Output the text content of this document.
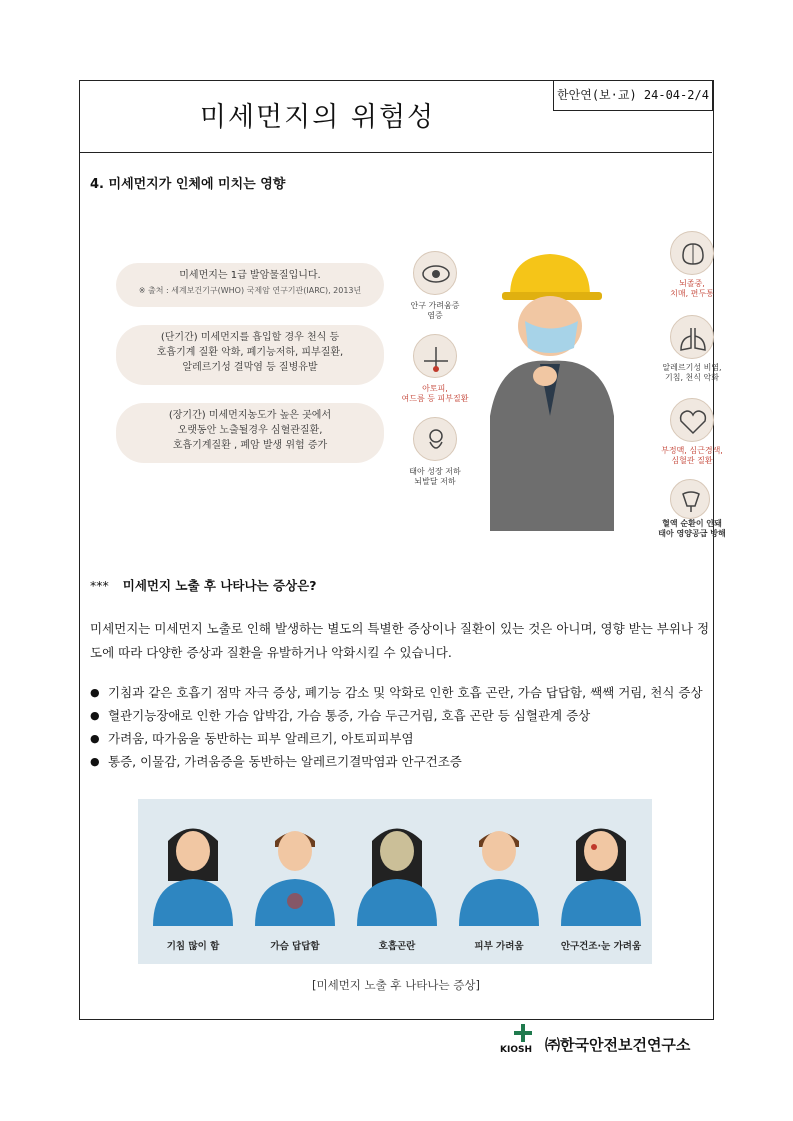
미세먼지의 위험성
한안연(보·교) 24-04-2/4
4. 미세먼지가 인체에 미치는 영향
미세먼지는 1급 발암물질입니다.
※ 출처 : 세계보건기구(WHO) 국제암 연구기관(IARC), 2013년
(단기간) 미세먼지를 흡입할 경우 천식 등
호흡기계 질환 악화, 폐기능저하, 피부질환,
알레르기성 결막염 등 질병유발
(장기간) 미세먼지농도가 높은 곳에서
오랫동안 노출될경우 심혈관질환,
호흡기계질환 , 폐암 발생 위험 증가
안구 가려움증
염증
아토피,
여드름 등 피부질환
태아 성장 저하
뇌발달 저하
뇌졸중,
치매, 편두통
알레르기성 비염,
기침, 천식 악화
부정맥, 심근경색,
심혈관 질환
혈액 순환이 안돼
태아 영양공급 방해
*** 미세먼지 노출 후 나타나는 증상은?
미세먼지는 미세먼지 노출로 인해 발생하는 별도의 특별한 증상이나 질환이 있는 것은 아니며, 영향 받는 부위나 정도에 따라 다양한 증상과 질환을 유발하거나 악화시킬 수 있습니다.
● 기침과 같은 호흡기 점막 자극 증상, 폐기능 감소 및 악화로 인한 호흡 곤란, 가슴 답답함, 쌕쌕 거림, 천식 증상
● 혈관기능장애로 인한 가슴 압박감, 가슴 통증, 가슴 두근거림, 호흡 곤란 등 심혈관계 증상
● 가려움, 따가움을 동반하는 피부 알레르기, 아토피피부염
● 통증, 이물감, 가려움증을 동반하는 알레르기결막염과 안구건조증
기침 많이 함	가슴 답답함	호흡곤란	피부 가려움	안구건조·눈 가려움
[미세먼지 노출 후 나타나는 증상]
KIOSH ㈜한국안전보건연구소
